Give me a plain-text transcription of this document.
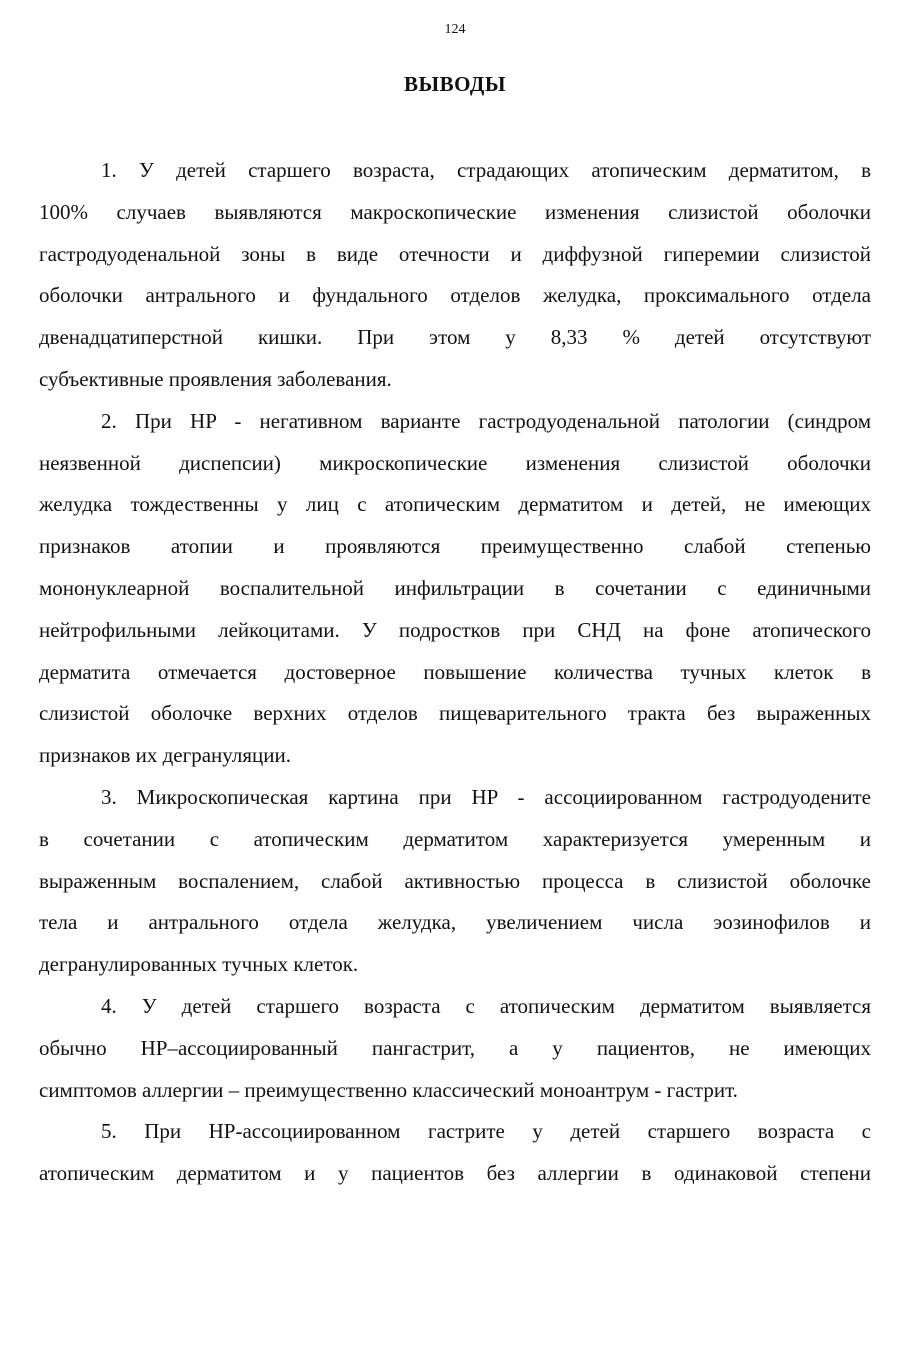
124
ВЫВОДЫ
1. У детей старшего возраста, страдающих атопическим дерматитом, в
100% случаев выявляются макроскопические изменения слизистой оболочки
гастродуоденальной зоны в виде отечности и диффузной гиперемии слизистой
оболочки антрального и фундального отделов желудка, проксимального отдела
двенадцатиперстной кишки. При этом у 8,33 % детей отсутствуют
субъективные проявления заболевания.
2. При HP - негативном варианте гастродуоденальной патологии (синдром
неязвенной диспепсии) микроскопические изменения слизистой оболочки
желудка тождественны у лиц с атопическим дерматитом и детей, не имеющих
признаков атопии и проявляются преимущественно слабой степенью
мононуклеарной воспалительной инфильтрации в сочетании с единичными
нейтрофильными лейкоцитами. У подростков при СНД на фоне атопического
дерматита отмечается достоверное повышение количества тучных клеток в
слизистой оболочке верхних отделов пищеварительного тракта без выраженных
признаков их дегрануляции.
3. Микроскопическая картина при HP - ассоциированном гастродуодените
в сочетании с атопическим дерматитом характеризуется умеренным и
выраженным воспалением, слабой активностью процесса в слизистой оболочке
тела и антрального отдела желудка, увеличением числа эозинофилов и
дегранулированных тучных клеток.
4. У детей старшего возраста с атопическим дерматитом выявляется
обычно HP–ассоциированный пангастрит, а у пациентов, не имеющих
симптомов аллергии – преимущественно классический моноантрум - гастрит.
5. При HP-ассоциированном гастрите у детей старшего возраста с
атопическим дерматитом и у пациентов без аллергии в одинаковой степени
